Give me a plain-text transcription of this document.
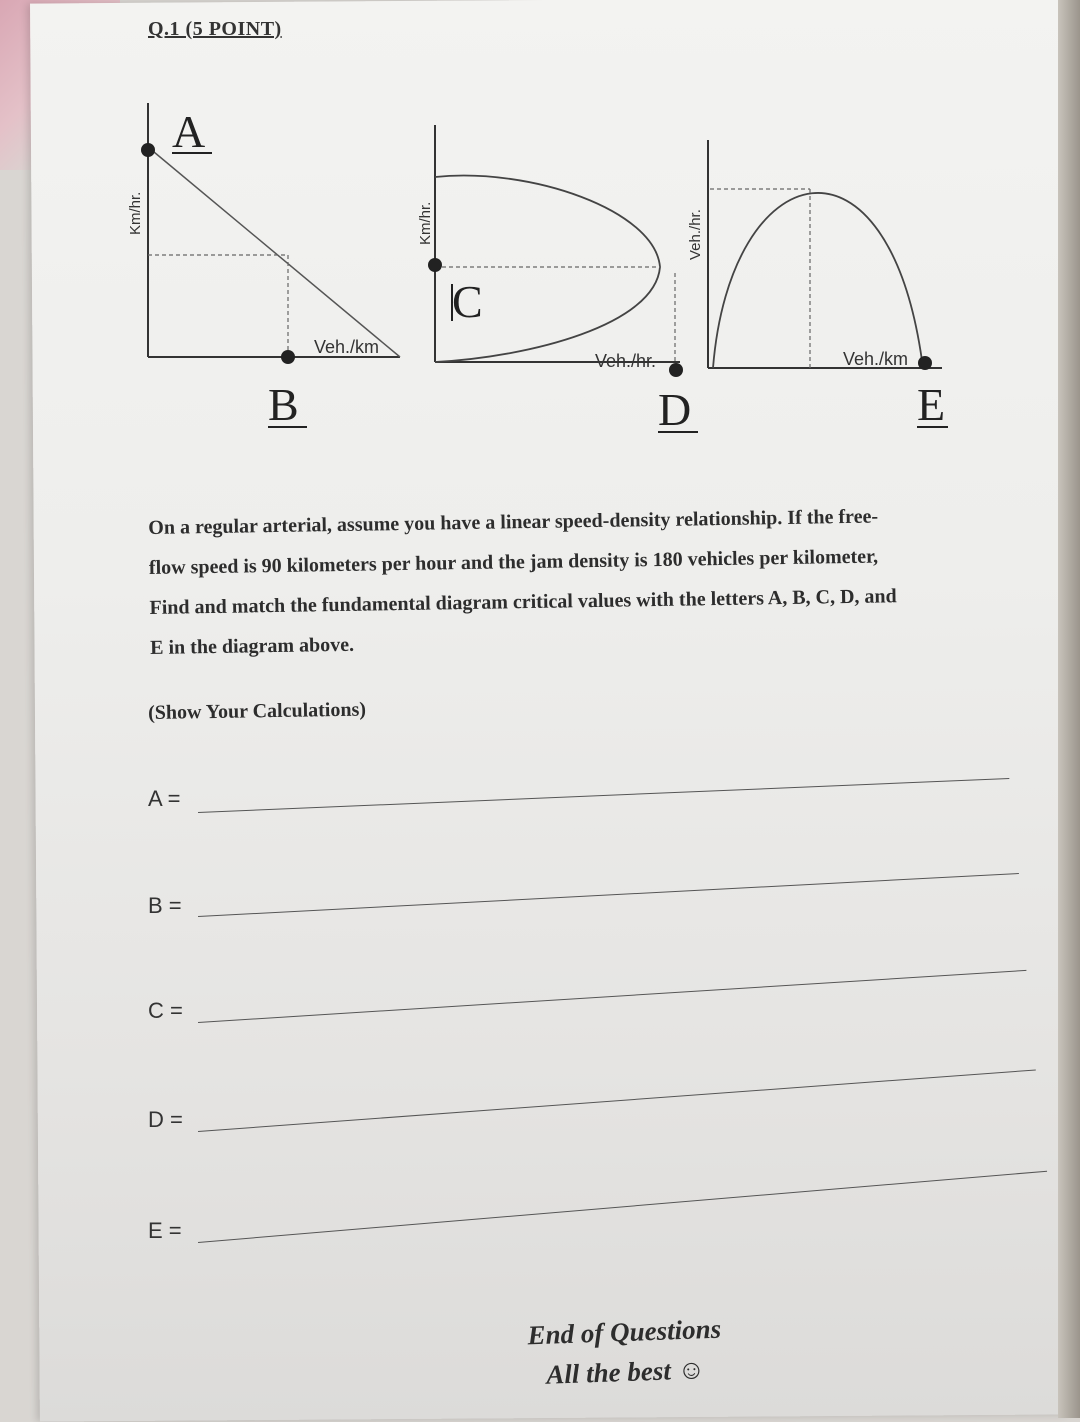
Q.1 (5 POINT)
Km/hr.
Veh./km
A
B
Km/hr.
Veh./hr.
C
D
Veh./hr.
Veh./km
E

On a regular arterial, assume you have a linear speed-density relationship. If the free-

flow speed is 90 kilometers per hour and the jam density is 180 vehicles per kilometer,

Find and match the fundamental diagram critical values with the letters A, B, C, D, and

E in the diagram above.

(Show Your Calculations)
A =
B =
C =
D =
E =

End of Questions

All the best ☺
